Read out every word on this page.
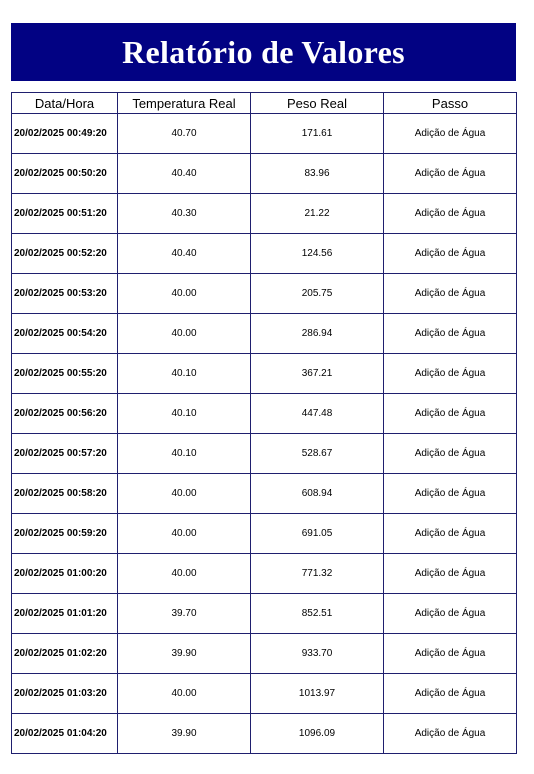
Relatório de Valores
Data/Hora	Temperatura Real	Peso Real	Passo
20/02/2025 00:49:20	40.70	171.61	Adição de Água
20/02/2025 00:50:20	40.40	83.96	Adição de Água
20/02/2025 00:51:20	40.30	21.22	Adição de Água
20/02/2025 00:52:20	40.40	124.56	Adição de Água
20/02/2025 00:53:20	40.00	205.75	Adição de Água
20/02/2025 00:54:20	40.00	286.94	Adição de Água
20/02/2025 00:55:20	40.10	367.21	Adição de Água
20/02/2025 00:56:20	40.10	447.48	Adição de Água
20/02/2025 00:57:20	40.10	528.67	Adição de Água
20/02/2025 00:58:20	40.00	608.94	Adição de Água
20/02/2025 00:59:20	40.00	691.05	Adição de Água
20/02/2025 01:00:20	40.00	771.32	Adição de Água
20/02/2025 01:01:20	39.70	852.51	Adição de Água
20/02/2025 01:02:20	39.90	933.70	Adição de Água
20/02/2025 01:03:20	40.00	1013.97	Adição de Água
20/02/2025 01:04:20	39.90	1096.09	Adição de Água
